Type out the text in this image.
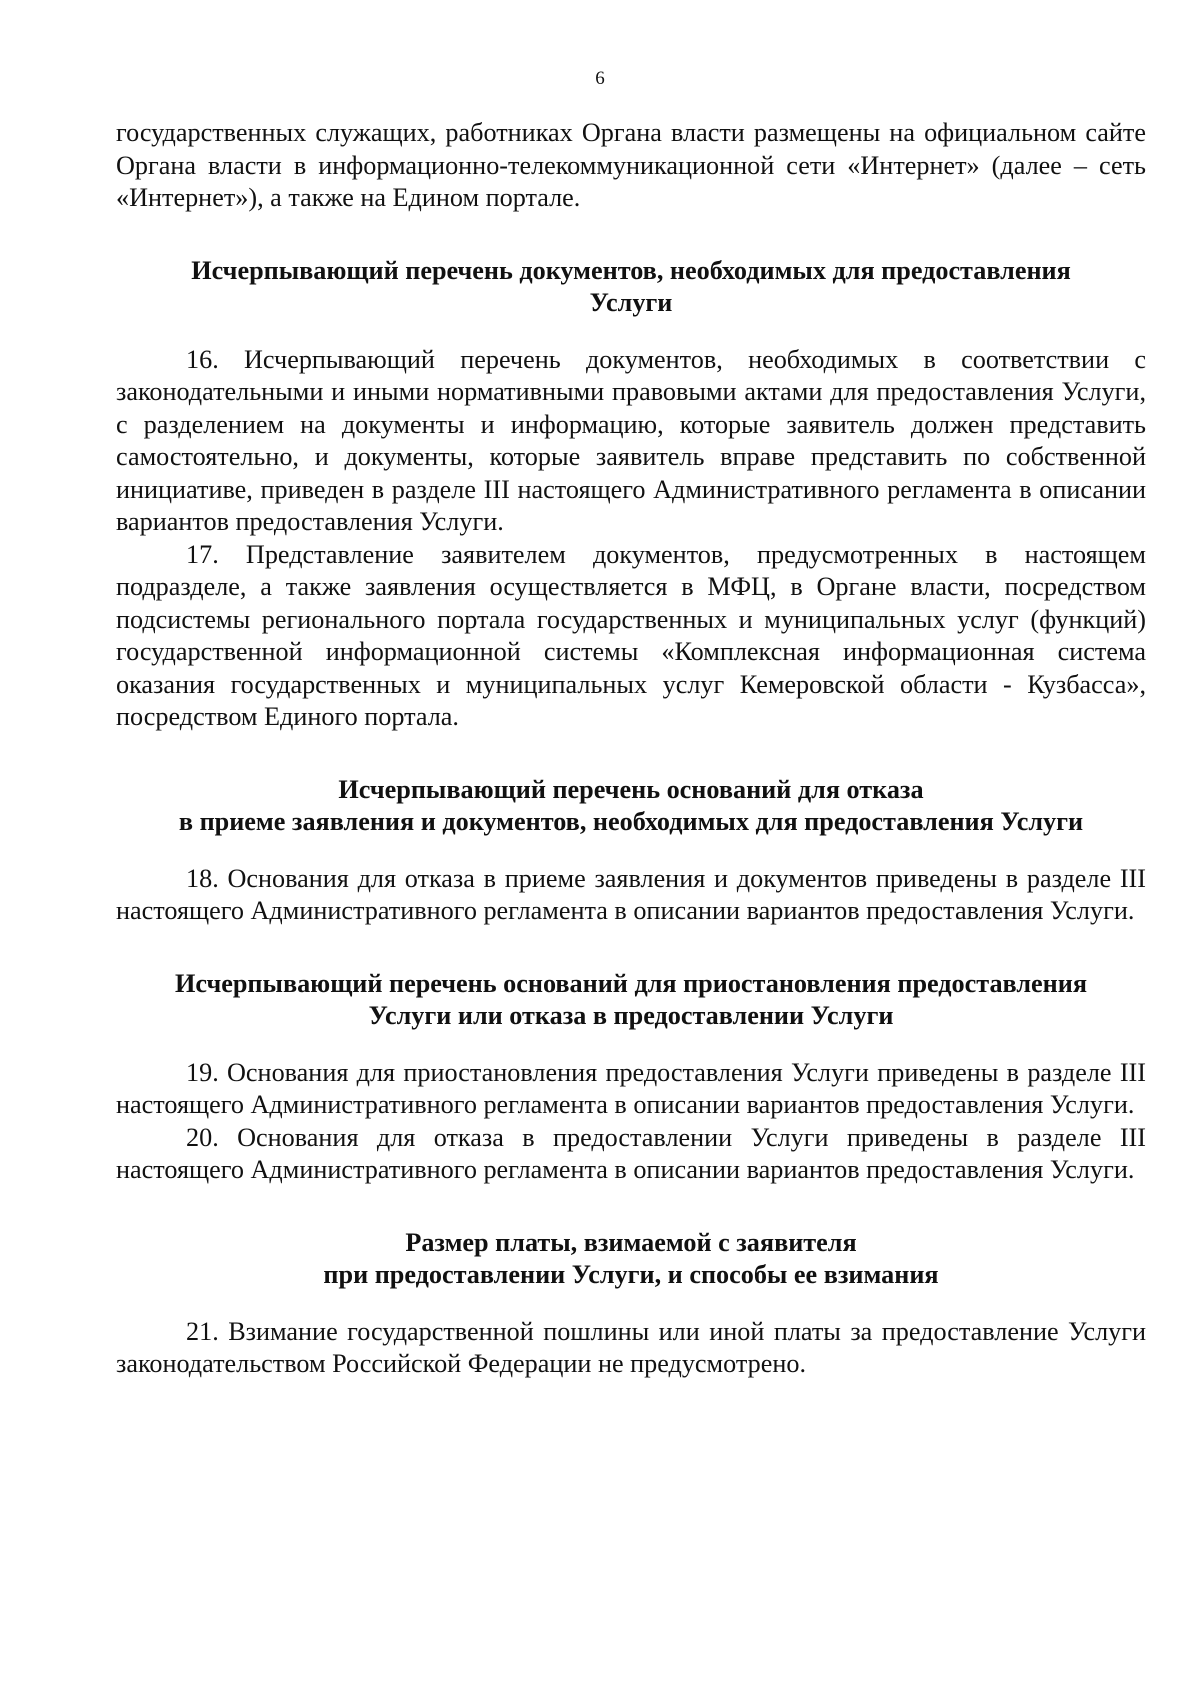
6

государственных служащих, работниках Органа власти размещены на официальном сайте Органа власти в информационно-телекоммуникационной сети «Интернет» (далее – сеть «Интернет»), а также на Едином портале.

Исчерпывающий перечень документов, необходимых для предоставления
Услуги

16. Исчерпывающий перечень документов, необходимых в соответствии с законодательными и иными нормативными правовыми актами для предоставления Услуги, с разделением на документы и информацию, которые заявитель должен представить самостоятельно, и документы, которые заявитель вправе представить по собственной инициативе, приведен в разделе III настоящего Административного регламента в описании вариантов предоставления Услуги.

17. Представление заявителем документов, предусмотренных в настоящем подразделе, а также заявления осуществляется в МФЦ, в Органе власти, посредством подсистемы регионального портала государственных и муниципальных услуг (функций) государственной информационной системы «Комплексная информационная система оказания государственных и муниципальных услуг Кемеровской области - Кузбасса», посредством Единого портала.

Исчерпывающий перечень оснований для отказа
в приеме заявления и документов, необходимых для предоставления Услуги

18. Основания для отказа в приеме заявления и документов приведены в разделе III настоящего Административного регламента в описании вариантов предоставления Услуги.

Исчерпывающий перечень оснований для приостановления предоставления
Услуги или отказа в предоставлении Услуги

19. Основания для приостановления предоставления Услуги приведены в разделе III настоящего Административного регламента в описании вариантов предоставления Услуги.

20. Основания для отказа в предоставлении Услуги приведены в разделе III настоящего Административного регламента в описании вариантов предоставления Услуги.

Размер платы, взимаемой с заявителя
при предоставлении Услуги, и способы ее взимания

21. Взимание государственной пошлины или иной платы за предоставление Услуги законодательством Российской Федерации не предусмотрено.
